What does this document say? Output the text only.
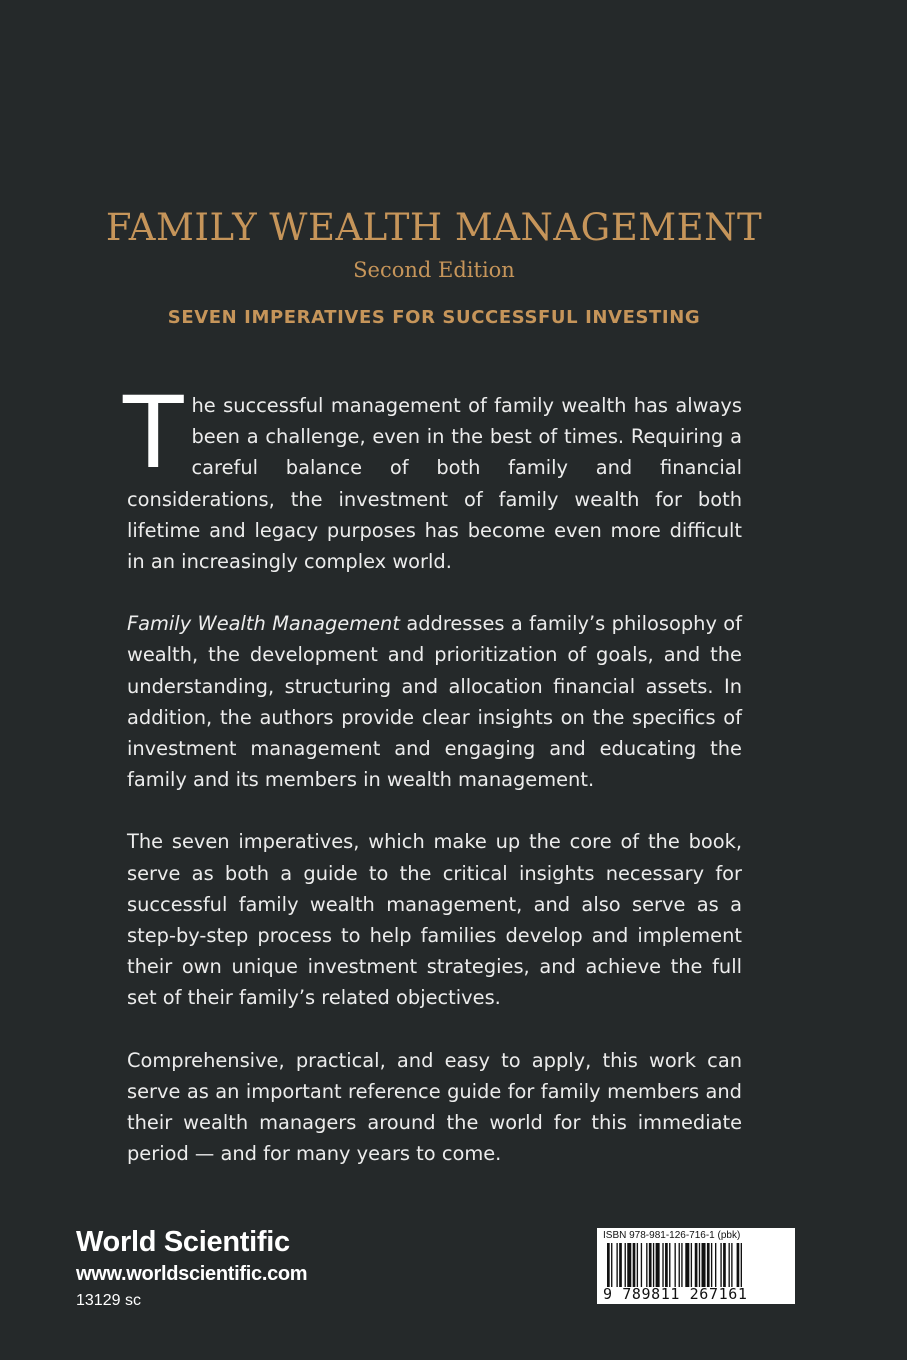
FAMILY WEALTH MANAGEMENT
Second Edition
SEVEN IMPERATIVES FOR SUCCESSFUL INVESTING

The successful management of family wealth has always been a challenge, even in the best of times. Requiring a careful balance of both family and financial considerations, the investment of family wealth for both lifetime and legacy purposes has become even more difficult in an increasingly complex world.

Family Wealth Management addresses a family’s philosophy of wealth, the development and prioritization of goals, and the understanding, structuring and allocation financial assets. In addition, the authors provide clear insights on the specifics of investment management and engaging and educating the family and its members in wealth management.

The seven imperatives, which make up the core of the book, serve as both a guide to the critical insights necessary for successful family wealth management, and also serve as a step-by-step process to help families develop and implement their own unique investment strategies, and achieve the full set of their family’s related objectives.

Comprehensive, practical, and easy to apply, this work can serve as an important reference guide for family members and their wealth managers around the world for this immediate period — and for many years to come.

World Scientific
www.worldscientific.com
13129 sc
ISBN 978-981-126-716-1 (pbk)
9 789811 267161
